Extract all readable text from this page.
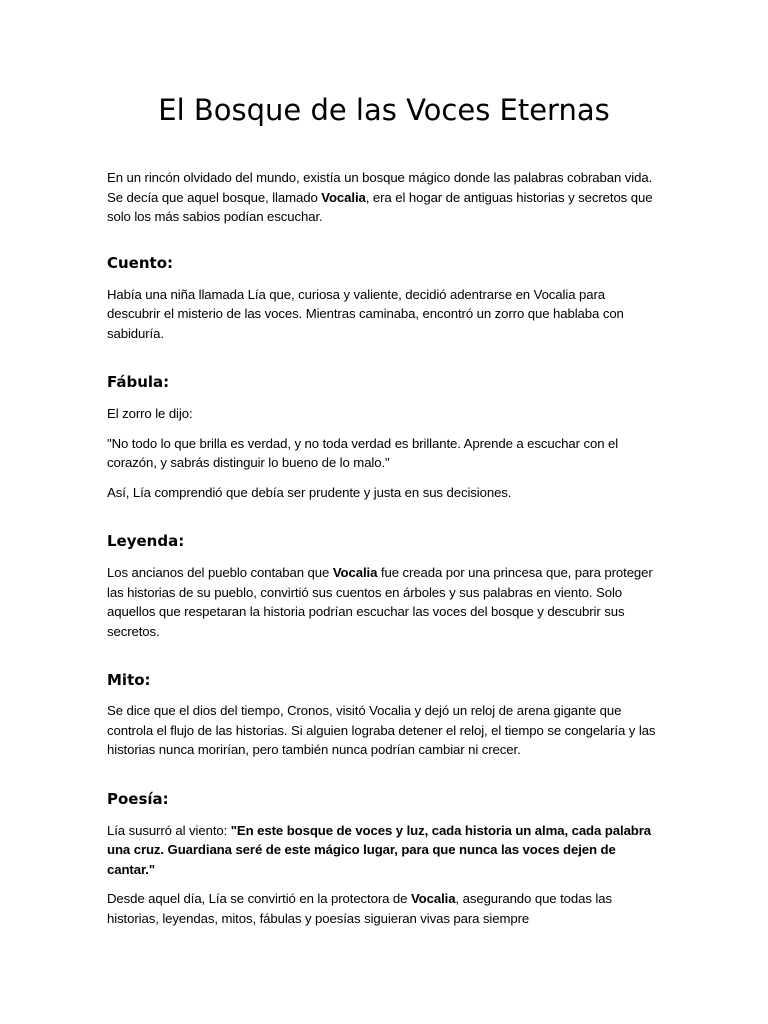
El Bosque de las Voces Eternas

En un rincón olvidado del mundo, existía un bosque mágico donde las palabras cobraban vida. Se decía que aquel bosque, llamado Vocalia, era el hogar de antiguas historias y secretos que solo los más sabios podían escuchar.

Cuento:

Había una niña llamada Lía que, curiosa y valiente, decidió adentrarse en Vocalia para descubrir el misterio de las voces. Mientras caminaba, encontró un zorro que hablaba con sabiduría.

Fábula:

El zorro le dijo:

"No todo lo que brilla es verdad, y no toda verdad es brillante. Aprende a escuchar con el corazón, y sabrás distinguir lo bueno de lo malo."

Así, Lía comprendió que debía ser prudente y justa en sus decisiones.

Leyenda:

Los ancianos del pueblo contaban que Vocalia fue creada por una princesa que, para proteger las historias de su pueblo, convirtió sus cuentos en árboles y sus palabras en viento. Solo aquellos que respetaran la historia podrían escuchar las voces del bosque y descubrir sus secretos.

Mito:

Se dice que el dios del tiempo, Cronos, visitó Vocalia y dejó un reloj de arena gigante que controla el flujo de las historias. Si alguien lograba detener el reloj, el tiempo se congelaría y las historias nunca morirían, pero también nunca podrían cambiar ni crecer.

Poesía:

Lía susurró al viento: "En este bosque de voces y luz, cada historia un alma, cada palabra una cruz. Guardiana seré de este mágico lugar, para que nunca las voces dejen de cantar."

Desde aquel día, Lía se convirtió en la protectora de Vocalia, asegurando que todas las historias, leyendas, mitos, fábulas y poesías siguieran vivas para siempre
